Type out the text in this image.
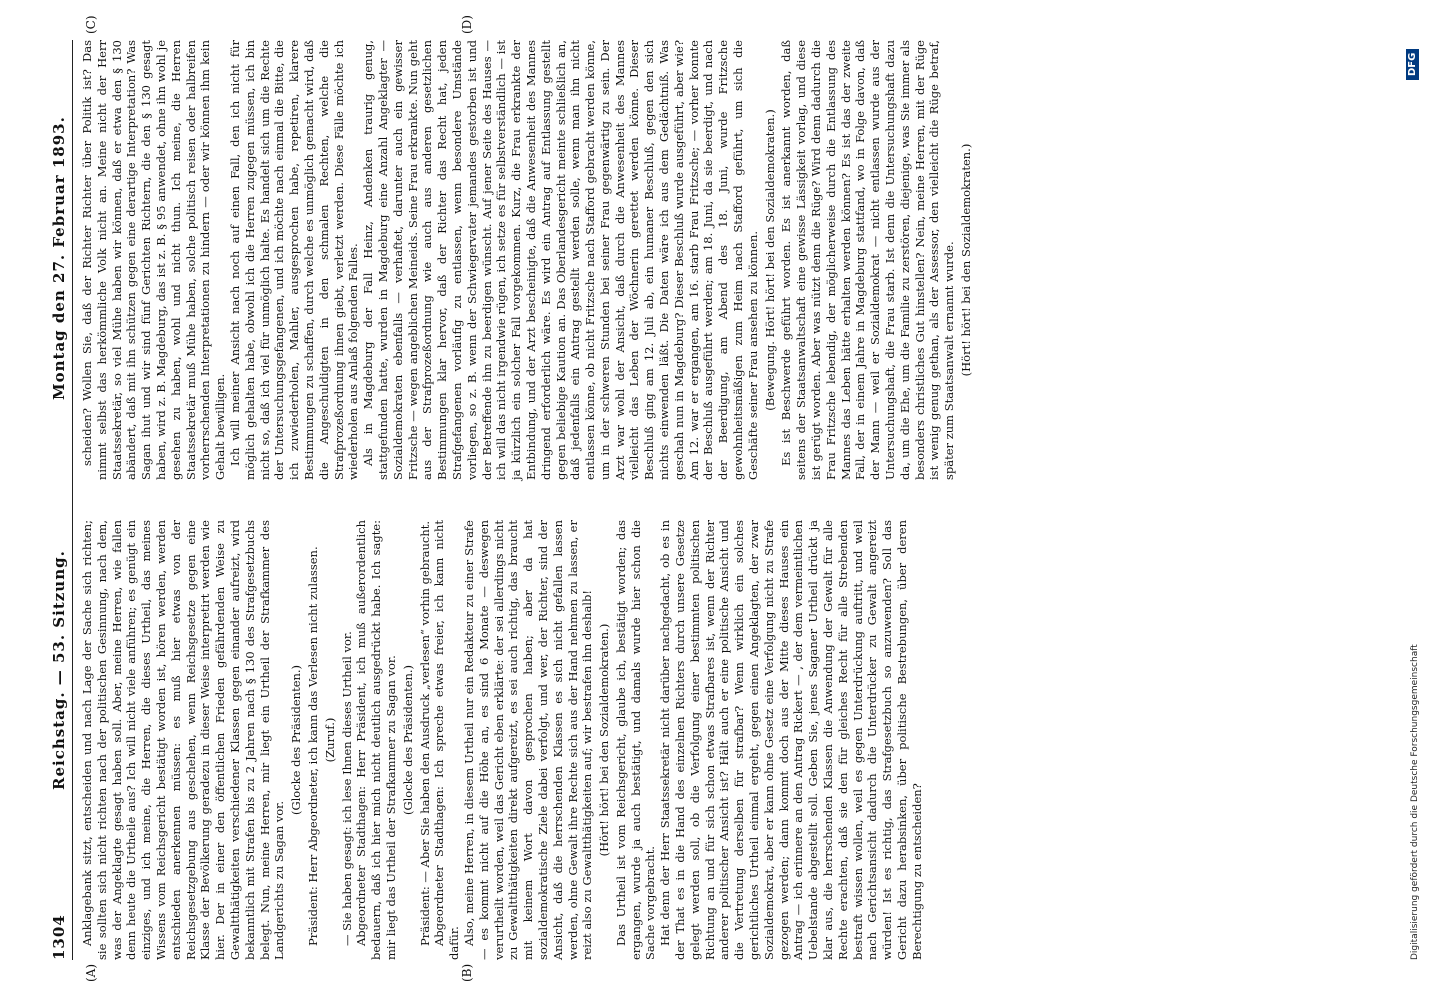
1304
Reichstag. — 53. Sitzung.
Montag den 27. Februar 1893.
(A)	(B)
(C)	(D)

Anklagebank sitzt, entscheiden und nach Lage der Sache sich richten; sie sollten sich nicht richten nach der politischen Gesinnung, nach dem, was der Angeklagte gesagt haben soll. Aber, meine Herren, wie fallen denn heute die Urtheile aus? Ich will nicht viele anführen; es genügt ein einziges, und ich meine, die Herren, die dieses Urtheil, das meines Wissens vom Reichsgericht bestätigt worden ist, hören werden, werden entschieden anerkennen müssen: es muß hier etwas von der Reichsgesetzgebung aus geschehen, wenn Reichsgesetze gegen eine Klasse der Bevölkerung geradezu in dieser Weise interpretirt werden wie hier. Der in einer den öffentlichen Frieden gefährdenden Weise zu Gewaltthätigkeiten verschiedener Klassen gegen einander aufreizt, wird bekanntlich mit Strafen bis zu 2 Jahren nach § 130 des Strafgesetzbuchs belegt. Nun, meine Herren, mir liegt ein Urtheil der Strafkammer des Landgerichts zu Sagan vor.

(Glocke des Präsidenten.) Präsident: Herr Abgeordneter, ich kann das Verlesen nicht zulassen. (Zuruf.) — Sie haben gesagt: ich lese Ihnen dieses Urtheil vor. Abgeordneter Stadthagen: Herr Präsident, ich muß außerordentlich bedauern, daß ich hier mich nicht deutlich ausgedrückt habe. Ich sagte: mir liegt das Urtheil der Strafkammer zu Sagan vor. (Glocke des Präsidenten.) Präsident: — Aber Sie haben den Ausdruck „verlesen“ vorhin gebraucht. Abgeordneter Stadthagen: Ich spreche etwas freier, ich kann nicht dafür. Also, meine Herren, in diesem Urtheil nur ein Redakteur zu einer Strafe — es kommt nicht auf die Höhe an, es sind 6 Monate — deswegen verurtheilt worden, weil das Gericht eben erklärte: der sei allerdings nicht zu Gewaltthätigkeiten direkt aufgereizt, es sei auch richtig, das braucht mit keinem Wort davon gesprochen haben; aber da hat sozialdemokratische Ziele dabei verfolgt, und wer, der Richter, sind der Ansicht, daß die herrschenden Klassen es sich nicht gefallen lassen werden, ohne Gewalt ihre Rechte sich aus der Hand nehmen zu lassen, er reizt also zu Gewaltthätigkeiten auf; wir bestrafen ihn deshalb! (Hört! hört! bei den Sozialdemokraten.) Das Urtheil ist vom Reichsgericht, glaube ich, bestätigt worden; das ergangen, wurde ja auch bestätigt, und damals wurde hier schon die Sache vorgebracht. Hat denn der Herr Staatssekretär nicht darüber nachgedacht, ob es in der That es in die Hand des einzelnen Richters durch unsere Gesetze gelegt werden soll, ob die Verfolgung einer bestimmten politischen Richtung an und für sich schon etwas Strafbares ist, wenn der Richter anderer politischer Ansicht ist? Hält auch er eine politische Ansicht und die Vertretung derselben für strafbar? Wenn wirklich ein solches gerichtliches Urtheil einmal ergeht, gegen einen Angeklagten, der zwar Sozialdemokrat, aber er kann ohne Gesetz eine Verfolgung nicht zu Strafe gezogen werden; dann kommt doch aus der Mitte dieses Hauses ein Antrag — ich erinnere an den Antrag Rickert — , der dem vermeintlichen Uebelstande abgestellt soll. Geben Sie, jenes Saganer Urtheil drückt ja klar aus, die herrschenden Klassen die Anwendung der Gewalt für alle Rechte erachten, daß sie den für gleiches Recht für alle Strebenden bestraft wissen wollen, weil es gegen Unterdrückung auftritt, und weil nach Gerichtsansicht dadurch die Unterdrücker zu Gewalt angereizt würden! Ist es richtig, das Strafgesetzbuch so anzuwenden? Soll das Gericht dazu herabsinken, über politische Bestrebungen, über deren Berechtigung zu entscheiden?

scheiden? Wollen Sie, daß der Richter Richter über Politik ist? Das nimmt selbst das herkömmliche Volk nicht an. Meine nicht der Herr Staatssekretär, so viel Mühe haben wir können, daß er etwa den § 130 abändert, daß mit ihn schützen gegen eine derartige Interpretation? Was Sagan ihut und wir sind fünf Gerichten Richtern, die den § 130 gesagt haben, wird z. B. Magdeburg, das ist z. B. § 95 anwendet, ohne ihn wohl je gesehen zu haben, wohl und nicht thun. Ich meine, die Herren Staatssekretär muß Mühe haben, solche politisch reisen oder halbreifen vorherrschenden Interpretationen zu hindern — oder wir können ihm kein Gehalt bewilligen. Ich will meiner Ansicht nach noch auf einen Fall, den ich nicht für möglich gehalten habe, obwohl ich die Herren zugegen müssen, ich bin nicht so, daß ich viel für unmöglich halte. Es handelt sich um die Rechte der Untersuchungsgefangenen, und ich möchte nach einmal die Bitte, die ich zuwiederholen, Mahler, ausgesprochen habe, repetiren, klarere Bestimmungen zu schaffen, durch welche es unmöglich gemacht wird, daß die Angeschuldigten in den schmalen Rechten, welche die Strafprozeßordnung ihnen giebt, verletzt werden. Diese Fälle möchte ich wiederholen aus Anlaß folgenden Falles. Als in Magdeburg der Fall Heinz, Andenken traurig genug, stattgefunden hatte, wurden in Magdeburg eine Anzahl Angeklagter — Sozialdemokraten ebenfalls — verhaftet, darunter auch ein gewisser Fritzsche — wegen angeblichen Meineids. Seine Frau erkrankte. Nun geht aus der Strafprozeßordnung wie auch aus anderen gesetzlichen Bestimmungen klar hervor, daß der Richter das Recht hat, jeden Strafgefangenen vorläufig zu entlassen, wenn besondere Umstände vorliegen, so z. B. wenn der Schwiegervater jemandes gestorben ist und der Betreffende ihn zu beerdigen wünscht. Auf jener Seite des Hauses — ich will das nicht irgendwie rügen, ich setze es für selbstverständlich — ist ja kürzlich ein solcher Fall vorgekommen. Kurz, die Frau erkrankte der Entbindung, und der Arzt bescheinigte, daß die Anwesenheit des Mannes dringend erforderlich wäre. Es wird ein Antrag auf Entlassung gestellt gegen beliebige Kaution an. Das Oberlandesgericht meinte schließlich an, daß jedenfalls ein Antrag gestellt werden solle, wenn man ihn nicht entlassen könne, ob nicht Fritzsche nach Stafford gebracht werden könne, um in der schweren Stunden bei seiner Frau gegenwärtig zu sein. Der Arzt war wohl der Ansicht, daß durch die Anwesenheit des Mannes vielleicht das Leben der Wöchnerin gerettet werden könne. Dieser Beschluß ging am 12. Juli ab, ein humaner Beschluß, gegen den sich nichts einwenden läßt. Die Daten wäre ich aus dem Gedächtniß. Was geschah nun in Magdeburg? Dieser Beschluß wurde ausgeführt, aber wie? Am 12. war er ergangen, am 16. starb Frau Fritzsche; — vorher konnte der Beschluß ausgeführt werden; am 18. Juni, da sie beerdigt, und nach der Beerdigung, am Abend des 18. Juni, wurde Fritzsche gewohnheitsmäßigen zum Heim nach Stafford geführt, um sich die Geschäfte seiner Frau ansehen zu können. (Bewegung. Hört! hört! bei den Sozialdemokraten.) Es ist Beschwerde geführt worden. Es ist anerkannt worden, daß seitens der Staatsanwaltschaft eine gewisse Lässigkeit vorlag, und diese ist gerügt worden. Aber was nützt denn die Rüge? Wird denn dadurch die Frau Fritzsche lebendig, der möglicherweise durch die Entlassung des Mannes das Leben hätte erhalten werden können? Es ist das der zweite Fall, der in einem Jahre in Magdeburg stattfand, wo in Folge davon, daß der Mann — weil er Sozialdemokrat — nicht entlassen wurde aus der Untersuchungshaft, die Frau starb. Ist denn die Untersuchungshaft dazu da, um die Ehe, um die Familie zu zerstören, diejenige, was Sie immer als besonders christliches Gut hinstellen? Nein, meine Herren, mit der Rüge ist wenig genug gethan, als der Assessor, den vielleicht die Rüge betraf, später zum Staatsanwalt ernannt wurde. (Hört! hört! bei den Sozialdemokraten.)

Digitalisierung gefördert durch die Deutsche Forschungsgemeinschaft
DFG
